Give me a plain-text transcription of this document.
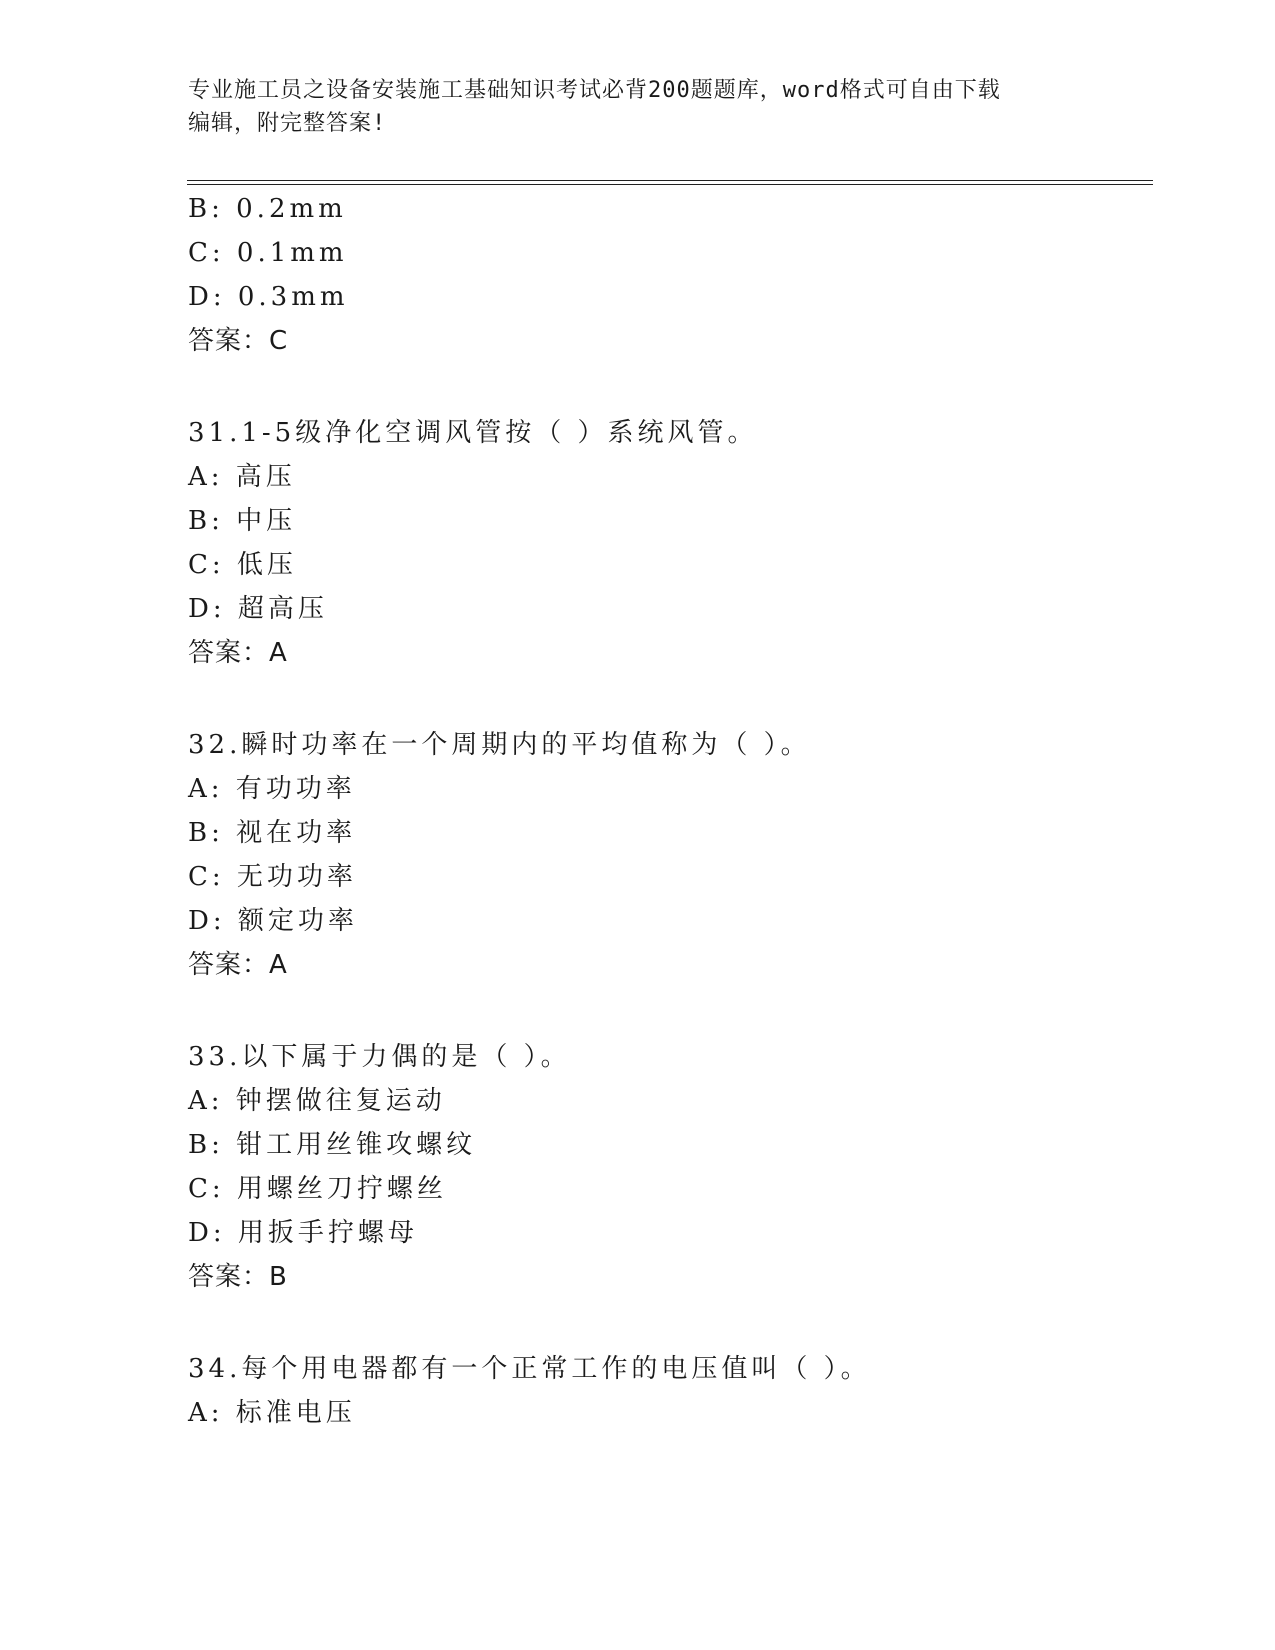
专业施工员之设备安装施工基础知识考试必背200题题库，word格式可自由下载
编辑，附完整答案!
B: 0.2mm
C: 0.1mm
D: 0.3mm
答案：C
31.1-5级净化空调风管按（ ）系统风管。
A: 高压
B: 中压
C: 低压
D: 超高压
答案：A
32.瞬时功率在一个周期内的平均值称为（ ）。
A: 有功功率
B: 视在功率
C: 无功功率
D: 额定功率
答案：A
33.以下属于力偶的是（ ）。
A: 钟摆做往复运动
B: 钳工用丝锥攻螺纹
C: 用螺丝刀拧螺丝
D: 用扳手拧螺母
答案：B
34.每个用电器都有一个正常工作的电压值叫（ ）。
A: 标准电压
